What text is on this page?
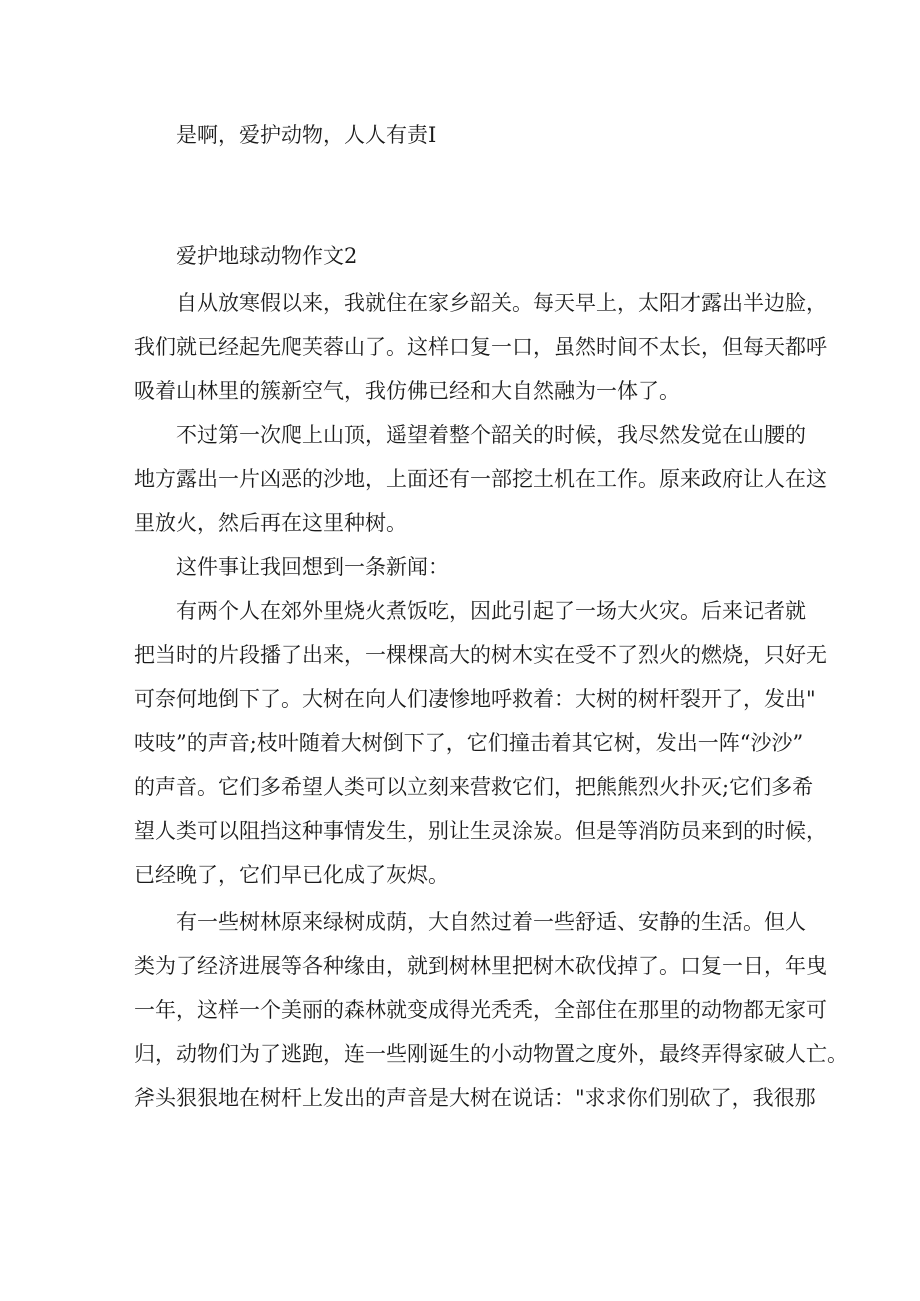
是啊，爱护动物，人人有责I

爱护地球动物作文2

自从放寒假以来，我就住在家乡韶关。每天早上，太阳才露出半边脸，

我们就已经起先爬芙蓉山了。这样口复一口，虽然时间不太长，但每天都呼

吸着山林里的簇新空气，我仿佛已经和大自然融为一体了。

不过第一次爬上山顶，遥望着整个韶关的时候，我尽然发觉在山腰的

地方露出一片凶恶的沙地，上面还有一部挖土机在工作。原来政府让人在这

里放火，然后再在这里种树。

这件事让我回想到一条新闻：

有两个人在郊外里烧火煮饭吃，因此引起了一场大火灾。后来记者就

把当时的片段播了出来，一棵棵高大的树木实在受不了烈火的燃烧，只好无

可奈何地倒下了。大树在向人们凄惨地呼救着：大树的树杆裂开了，发出"

吱吱”的声音;枝叶随着大树倒下了，它们撞击着其它树，发出一阵“沙沙”

的声音。它们多希望人类可以立刻来营救它们，把熊熊烈火扑灭;它们多希

望人类可以阻挡这种事情发生，别让生灵涂炭。但是等消防员来到的时候，

已经晚了，它们早已化成了灰烬。

有一些树林原来绿树成荫，大自然过着一些舒适、安静的生活。但人

类为了经济进展等各种缘由，就到树林里把树木砍伐掉了。口复一日，年曳

一年，这样一个美丽的森林就变成得光秃秃，全部住在那里的动物都无家可

归，动物们为了逃跑，连一些刚诞生的小动物置之度外，最终弄得家破人亡。

斧头狠狠地在树杆上发出的声音是大树在说话："求求你们别砍了，我很那
